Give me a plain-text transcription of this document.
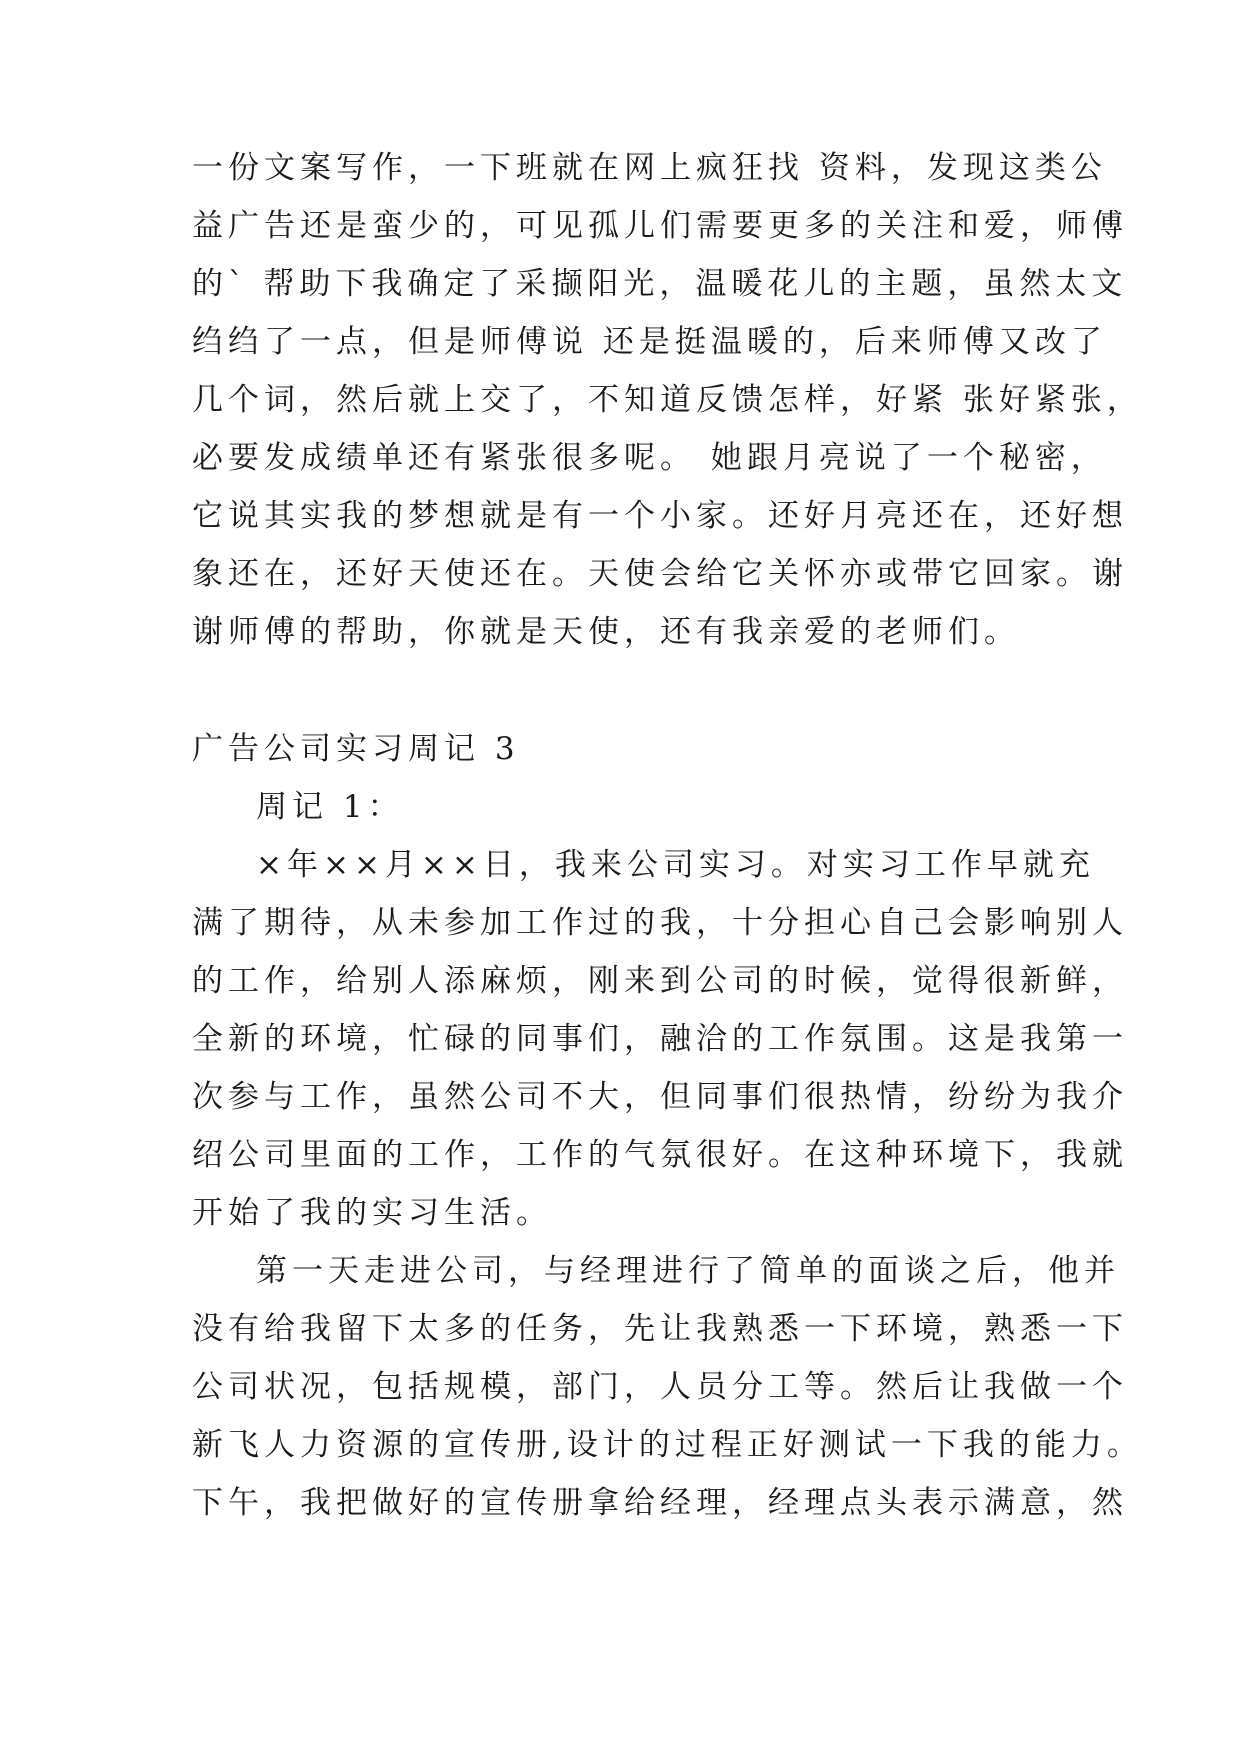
一份文案写作，一下班就在网上疯狂找 资料，发现这类公
益广告还是蛮少的，可见孤儿们需要更多的关注和爱，师傅
的` 帮助下我确定了采撷阳光，温暖花儿的主题，虽然太文
绉绉了一点，但是师傅说 还是挺温暖的，后来师傅又改了
几个词，然后就上交了，不知道反馈怎样，好紧 张好紧张，
必要发成绩单还有紧张很多呢。 她跟月亮说了一个秘密，
它说其实我的梦想就是有一个小家。还好月亮还在，还好想
象还在，还好天使还在。天使会给它关怀亦或带它回家。谢
谢师傅的帮助，你就是天使，还有我亲爱的老师们。
广告公司实习周记 3
周记 1：
×年××月××日，我来公司实习。对实习工作早就充
满了期待，从未参加工作过的我，十分担心自己会影响别人
的工作，给别人添麻烦，刚来到公司的时候，觉得很新鲜，
全新的环境，忙碌的同事们，融洽的工作氛围。这是我第一
次参与工作，虽然公司不大，但同事们很热情，纷纷为我介
绍公司里面的工作，工作的气氛很好。在这种环境下，我就
开始了我的实习生活。
第一天走进公司，与经理进行了简单的面谈之后，他并
没有给我留下太多的任务，先让我熟悉一下环境，熟悉一下
公司状况，包括规模，部门，人员分工等。然后让我做一个
新飞人力资源的宣传册,设计的过程正好测试一下我的能力。
下午，我把做好的宣传册拿给经理，经理点头表示满意，然
